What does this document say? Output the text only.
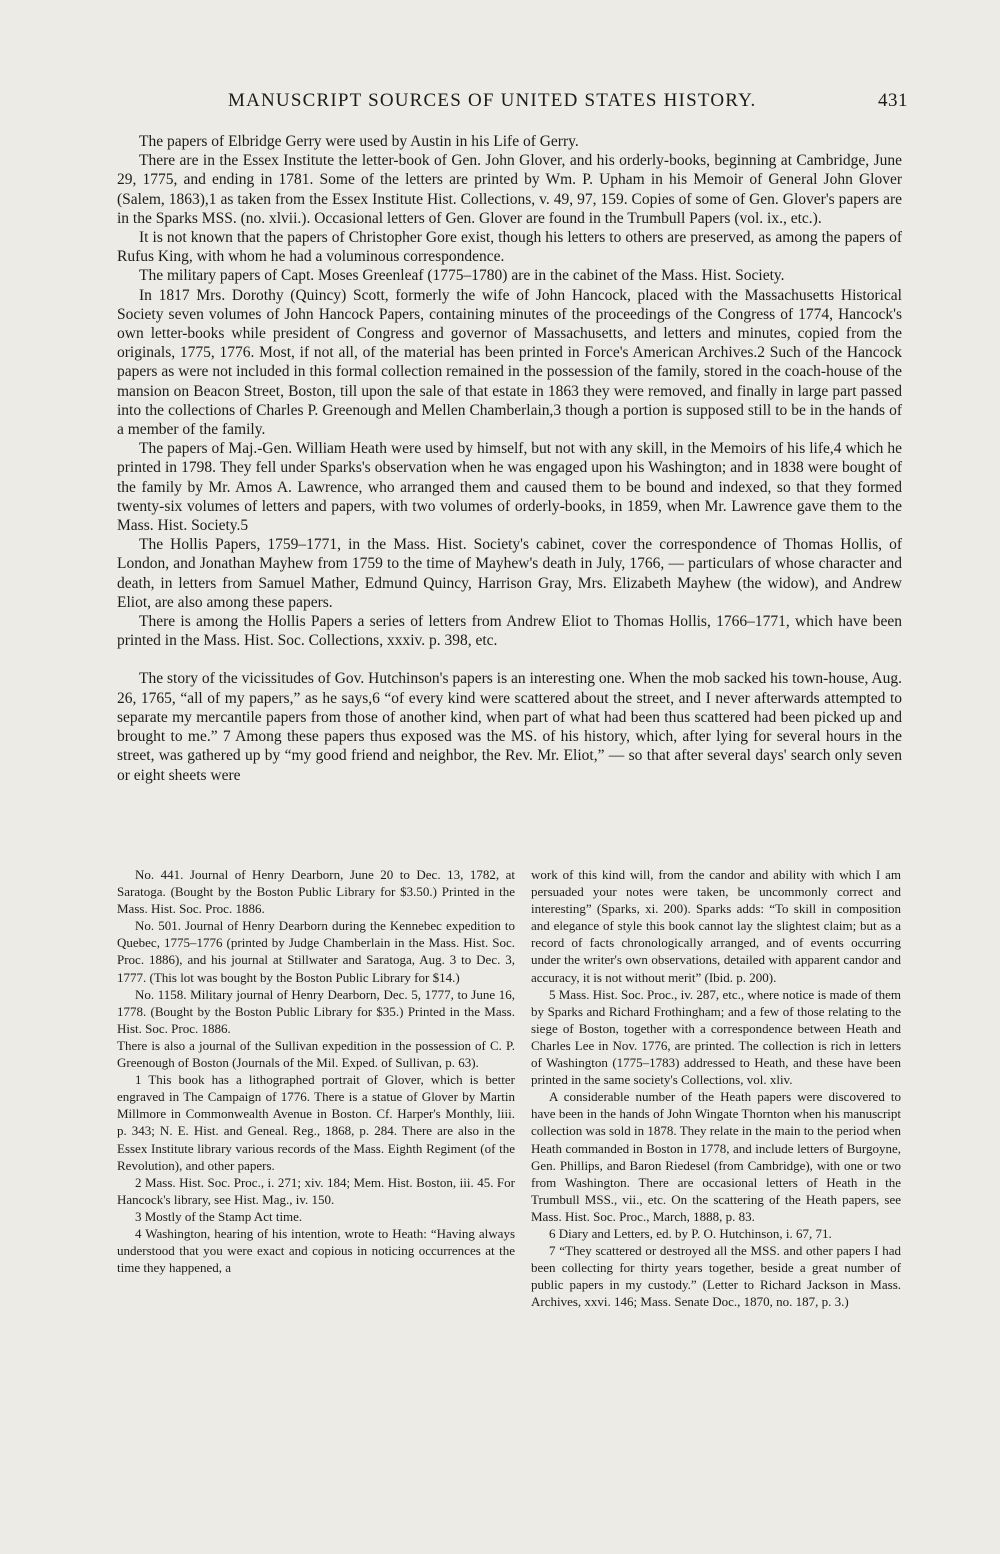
MANUSCRIPT SOURCES OF UNITED STATES HISTORY.	431

The papers of Elbridge Gerry were used by Austin in his Life of Gerry.

There are in the Essex Institute the letter-book of Gen. John Glover, and his orderly-books, beginning at Cambridge, June 29, 1775, and ending in 1781. Some of the letters are printed by Wm. P. Upham in his Memoir of General John Glover (Salem, 1863),1 as taken from the Essex Institute Hist. Collections, v. 49, 97, 159. Copies of some of Gen. Glover's papers are in the Sparks MSS. (no. xlvii.). Occasional letters of Gen. Glover are found in the Trumbull Papers (vol. ix., etc.).

It is not known that the papers of Christopher Gore exist, though his letters to others are preserved, as among the papers of Rufus King, with whom he had a voluminous correspondence.

The military papers of Capt. Moses Greenleaf (1775–1780) are in the cabinet of the Mass. Hist. Society.

In 1817 Mrs. Dorothy (Quincy) Scott, formerly the wife of John Hancock, placed with the Massachusetts Historical Society seven volumes of John Hancock Papers, containing minutes of the proceedings of the Congress of 1774, Hancock's own letter-books while president of Congress and governor of Massachusetts, and letters and minutes, copied from the originals, 1775, 1776. Most, if not all, of the material has been printed in Force's American Archives.2 Such of the Hancock papers as were not included in this formal collection remained in the possession of the family, stored in the coach-house of the mansion on Beacon Street, Boston, till upon the sale of that estate in 1863 they were removed, and finally in large part passed into the collections of Charles P. Greenough and Mellen Chamberlain,3 though a portion is supposed still to be in the hands of a member of the family.

The papers of Maj.-Gen. William Heath were used by himself, but not with any skill, in the Memoirs of his life,4 which he printed in 1798. They fell under Sparks's observation when he was engaged upon his Washington; and in 1838 were bought of the family by Mr. Amos A. Lawrence, who arranged them and caused them to be bound and indexed, so that they formed twenty-six volumes of letters and papers, with two volumes of orderly-books, in 1859, when Mr. Lawrence gave them to the Mass. Hist. Society.5

The Hollis Papers, 1759–1771, in the Mass. Hist. Society's cabinet, cover the correspondence of Thomas Hollis, of London, and Jonathan Mayhew from 1759 to the time of Mayhew's death in July, 1766, — particulars of whose character and death, in letters from Samuel Mather, Edmund Quincy, Harrison Gray, Mrs. Elizabeth Mayhew (the widow), and Andrew Eliot, are also among these papers.

There is among the Hollis Papers a series of letters from Andrew Eliot to Thomas Hollis, 1766–1771, which have been printed in the Mass. Hist. Soc. Collections, xxxiv. p. 398, etc.

The story of the vicissitudes of Gov. Hutchinson's papers is an interesting one. When the mob sacked his town-house, Aug. 26, 1765, “all of my papers,” as he says,6 “of every kind were scattered about the street, and I never afterwards attempted to separate my mercantile papers from those of another kind, when part of what had been thus scattered had been picked up and brought to me.” 7 Among these papers thus exposed was the MS. of his history, which, after lying for several hours in the street, was gathered up by “my good friend and neighbor, the Rev. Mr. Eliot,” — so that after several days' search only seven or eight sheets were

No. 441. Journal of Henry Dearborn, June 20 to Dec. 13, 1782, at Saratoga. (Bought by the Boston Public Library for $3.50.) Printed in the Mass. Hist. Soc. Proc. 1886.

No. 501. Journal of Henry Dearborn during the Kennebec expedition to Quebec, 1775–1776 (printed by Judge Chamberlain in the Mass. Hist. Soc. Proc. 1886), and his journal at Stillwater and Saratoga, Aug. 3 to Dec. 3, 1777. (This lot was bought by the Boston Public Library for $14.)

No. 1158. Military journal of Henry Dearborn, Dec. 5, 1777, to June 16, 1778. (Bought by the Boston Public Library for $35.) Printed in the Mass. Hist. Soc. Proc. 1886.

There is also a journal of the Sullivan expedition in the possession of C. P. Greenough of Boston (Journals of the Mil. Exped. of Sullivan, p. 63).

1 This book has a lithographed portrait of Glover, which is better engraved in The Campaign of 1776. There is a statue of Glover by Martin Millmore in Commonwealth Avenue in Boston. Cf. Harper's Monthly, liii. p. 343; N. E. Hist. and Geneal. Reg., 1868, p. 284. There are also in the Essex Institute library various records of the Mass. Eighth Regiment (of the Revolution), and other papers.

2 Mass. Hist. Soc. Proc., i. 271; xiv. 184; Mem. Hist. Boston, iii. 45. For Hancock's library, see Hist. Mag., iv. 150.

3 Mostly of the Stamp Act time.

4 Washington, hearing of his intention, wrote to Heath: “Having always understood that you were exact and copious in noticing occurrences at the time they happened, a

work of this kind will, from the candor and ability with which I am persuaded your notes were taken, be uncommonly correct and interesting” (Sparks, xi. 200). Sparks adds: “To skill in composition and elegance of style this book cannot lay the slightest claim; but as a record of facts chronologically arranged, and of events occurring under the writer's own observations, detailed with apparent candor and accuracy, it is not without merit” (Ibid. p. 200).

5 Mass. Hist. Soc. Proc., iv. 287, etc., where notice is made of them by Sparks and Richard Frothingham; and a few of those relating to the siege of Boston, together with a correspondence between Heath and Charles Lee in Nov. 1776, are printed. The collection is rich in letters of Washington (1775–1783) addressed to Heath, and these have been printed in the same society's Collections, vol. xliv.

A considerable number of the Heath papers were discovered to have been in the hands of John Wingate Thornton when his manuscript collection was sold in 1878. They relate in the main to the period when Heath commanded in Boston in 1778, and include letters of Burgoyne, Gen. Phillips, and Baron Riedesel (from Cambridge), with one or two from Washington. There are occasional letters of Heath in the Trumbull MSS., vii., etc. On the scattering of the Heath papers, see Mass. Hist. Soc. Proc., March, 1888, p. 83.

6 Diary and Letters, ed. by P. O. Hutchinson, i. 67, 71.

7 “They scattered or destroyed all the MSS. and other papers I had been collecting for thirty years together, beside a great number of public papers in my custody.” (Letter to Richard Jackson in Mass. Archives, xxvi. 146; Mass. Senate Doc., 1870, no. 187, p. 3.)
